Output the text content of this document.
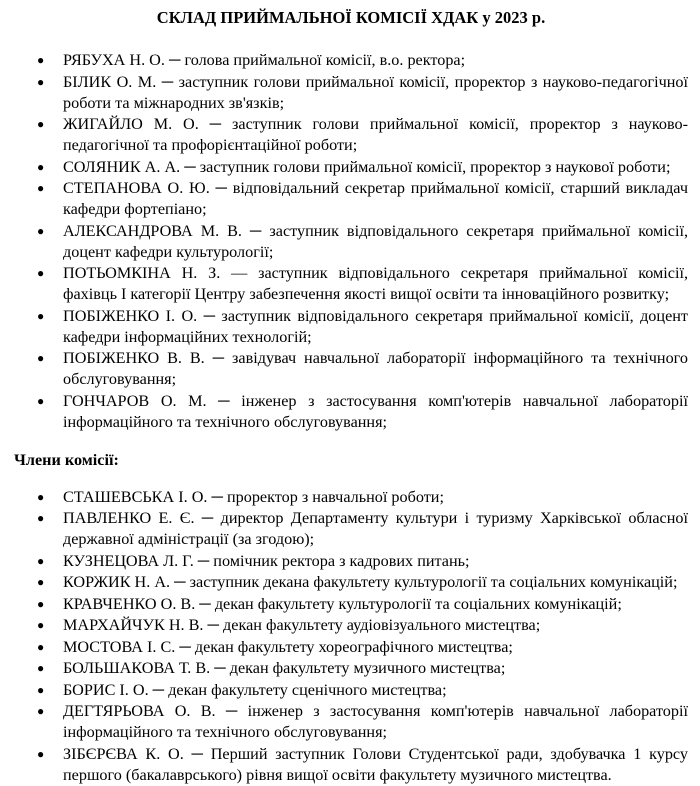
СКЛАД ПРИЙМАЛЬНОЇ КОМІСІЇ ХДАК у 2023 р.
● РЯБУХА Н. О. ─ голова приймальної комісії, в.о. ректора;
● БІЛИК О. М. ─ заступник голови приймальної комісії, проректор з науково-педагогічної роботи та міжнародних зв'язків;
● ЖИГАЙЛО М. О. ─ заступник голови приймальної комісії, проректор з науково-педагогічної та профорієнтаційної роботи;
● СОЛЯНИК А. А. ─ заступник голови приймальної комісії, проректор з наукової роботи;
● СТЕПАНОВА О. Ю. ─ відповідальний секретар приймальної комісії, старший викладач кафедри фортепіано;
● АЛЕКСАНДРОВА М. В. ─ заступник відповідального секретаря приймальної комісії, доцент кафедри культурології;
● ПОТЬОМКІНА Н. З. — заступник відповідального секретаря приймальної комісії, фахівць І категорії Центру забезпечення якості вищої освіти та інноваційного розвитку;
● ПОБІЖЕНКО І. О. ─ заступник відповідального секретаря приймальної комісії, доцент кафедри інформаційних технологій;
● ПОБІЖЕНКО В. В. ─ завідувач навчальної лабораторії інформаційного та технічного обслуговування;
● ГОНЧАРОВ О. М. ─ інженер з застосування комп'ютерів навчальної лабораторії інформаційного та технічного обслуговування;
Члени комісії:
● СТАШЕВСЬКА І. О. ─ проректор з навчальної роботи;
● ПАВЛЕНКО Е. Є. ─ директор Департаменту культури і туризму Харківської обласної державної адміністрації (за згодою);
● КУЗНЕЦОВА Л. Г. ─ помічник ректора з кадрових питань;
● КОРЖИК Н. А. ─ заступник декана факультету культурології та соціальних комунікацій;
● КРАВЧЕНКО О. В. ─ декан факультету культурології та соціальних комунікацій;
● МАРХАЙЧУК Н. В. ─ декан факультету аудіовізуального мистецтва;
● МОСТОВА І. С. ─ декан факультету хореографічного мистецтва;
● БОЛЬШАКОВА Т. В. ─ декан факультету музичного мистецтва;
● БОРИС І. О. ─ декан факультету сценічного мистецтва;
● ДЕГТЯРЬОВА О. В. ─ інженер з застосування комп'ютерів навчальної лабораторії інформаційного та технічного обслуговування;
● ЗІБЄРЄВА К. О. ─ Перший заступник Голови Студентської ради, здобувачка 1 курсу першого (бакалаврського) рівня вищої освіти факультету музичного мистецтва.
